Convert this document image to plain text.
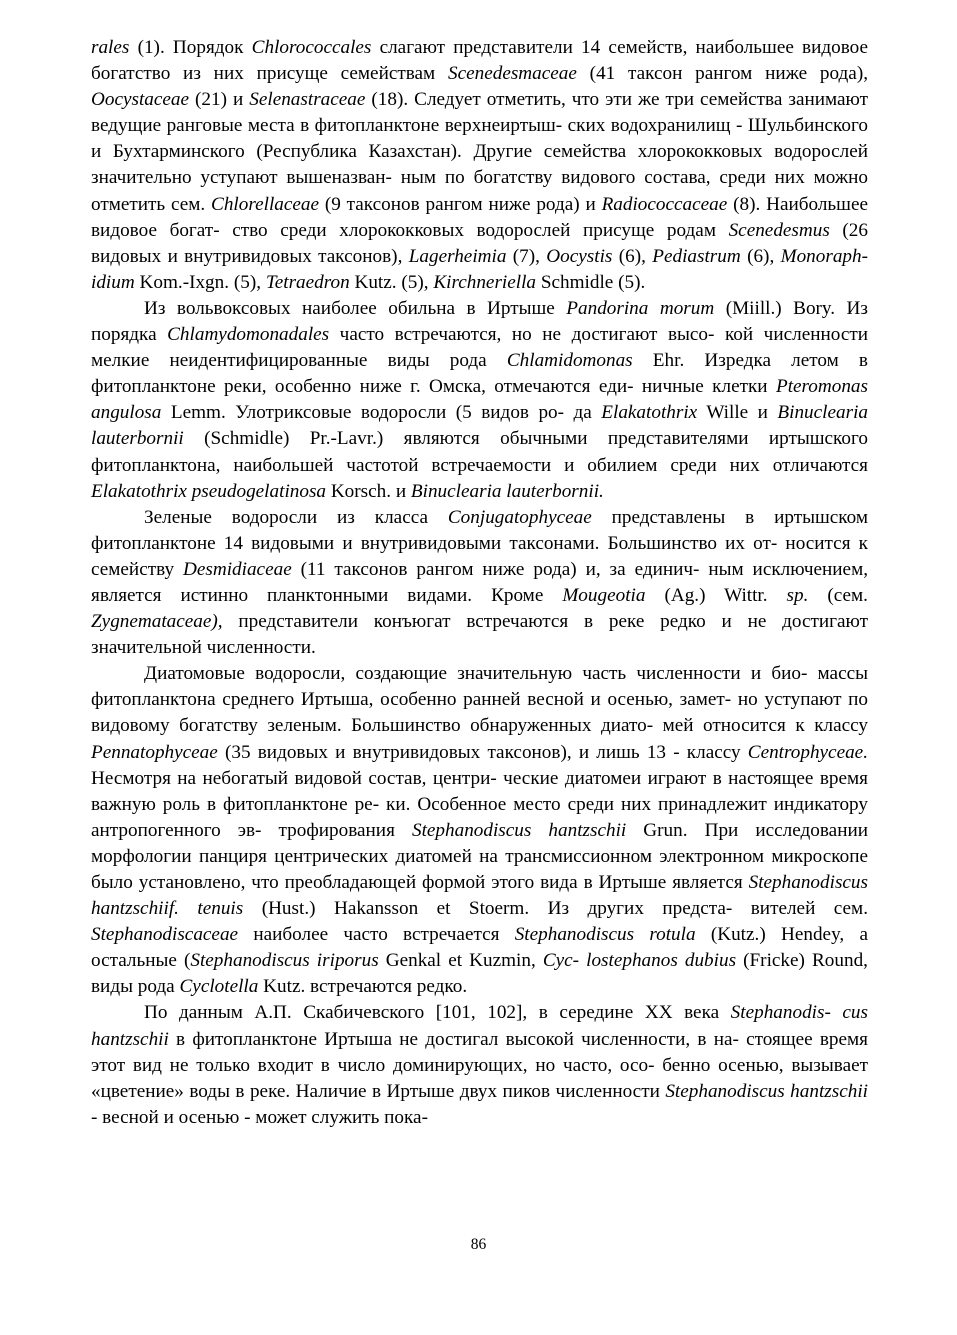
rales (1). Порядок Chlorococcales слагают представители 14 семейств, наибольшее видовое богатство из них присуще семействам Scenedesmaceae (41 таксон рангом ниже рода), Oocystaceae (21) и Selenastraceae (18). Следует отметить, что эти же три семейства занимают ведущие ранговые места в фитопланктоне верхнеиртыш- ских водохранилищ - Шульбинского и Бухтарминского (Республика Казахстан). Другие семейства хлорококковых водорослей значительно уступают вышеназван- ным по богатству видового состава, среди них можно отметить сем. Chlorellaceae (9 таксонов рангом ниже рода) и Radiococcaceae (8). Наибольшее видовое богат- ство среди хлорококковых водорослей присуще родам Scenedesmus (26 видовых и внутривидовых таксонов), Lagerheimia (7), Oocystis (6), Pediastrum (6), Monoraph- idium Kom.-Ixgn. (5), Tetraedron Kutz. (5), Kirchneriella Schmidle (5).

Из вольвоксовых наиболее обильна в Иртыше Pandorina morum (Miill.) Bory. Из порядка Chlamydomonadales часто встречаются, но не достигают высо- кой численности мелкие неидентифицированные виды рода Chlamidomonas Ehr. Изредка летом в фитопланктоне реки, особенно ниже г. Омска, отмечаются еди- ничные клетки Pteromonas angulosa Lemm. Улотриксовые водоросли (5 видов ро- да Elakatothrix Wille и Binuclearia lauterbornii (Schmidle) Pr.-Lavr.) являются обычными представителями иртышского фитопланктона, наибольшей частотой встречаемости и обилием среди них отличаются Elakatothrix pseudogelatinosa Korsch. и Binuclearia lauterbornii.

Зеленые водоросли из класса Conjugatophyceae представлены в иртышском фитопланктоне 14 видовыми и внутривидовыми таксонами. Большинство их от- носится к семейству Desmidiaceae (11 таксонов рангом ниже рода) и, за единич- ным исключением, является истинно планктонными видами. Кроме Mougeotia (Ag.) Wittr. sp. (сем. Zygnemataceae), представители конъюгат встречаются в реке редко и не достигают значительной численности.

Диатомовые водоросли, создающие значительную часть численности и био- массы фитопланктона среднего Иртыша, особенно ранней весной и осенью, замет- но уступают по видовому богатству зеленым. Большинство обнаруженных диато- мей относится к классу Pennatophyceae (35 видовых и внутривидовых таксонов), и лишь 13 - классу Centrophyceae. Несмотря на небогатый видовой состав, центри- ческие диатомеи играют в настоящее время важную роль в фитопланктоне ре- ки. Особенное место среди них принадлежит индикатору антропогенного эв- трофирования Stephanodiscus hantzschii Grun. При исследовании морфологии панциря центрических диатомей на трансмиссионном электронном микроскопе было установлено, что преобладающей формой этого вида в Иртыше является Stephanodiscus hantzschiif. tenuis (Hust.) Hakansson et Stoerm. Из других предста- вителей сем. Stephanodiscaceae наиболее часто встречается Stephanodiscus rotula (Kutz.) Hendey, а остальные (Stephanodiscus iriporus Genkal et Kuzmin, Cyc- lostephanos dubius (Fricke) Round, виды рода Cyclotella Kutz. встречаются редко.

По данным А.П. Скабичевского [101, 102], в середине XX века Stephanodis- cus hantzschii в фитопланктоне Иртыша не достигал высокой численности, в на- стоящее время этот вид не только входит в число доминирующих, но часто, осо- бенно осенью, вызывает «цветение» воды в реке. Наличие в Иртыше двух пиков численности Stephanodiscus hantzschii - весной и осенью - может служить пока-

86
